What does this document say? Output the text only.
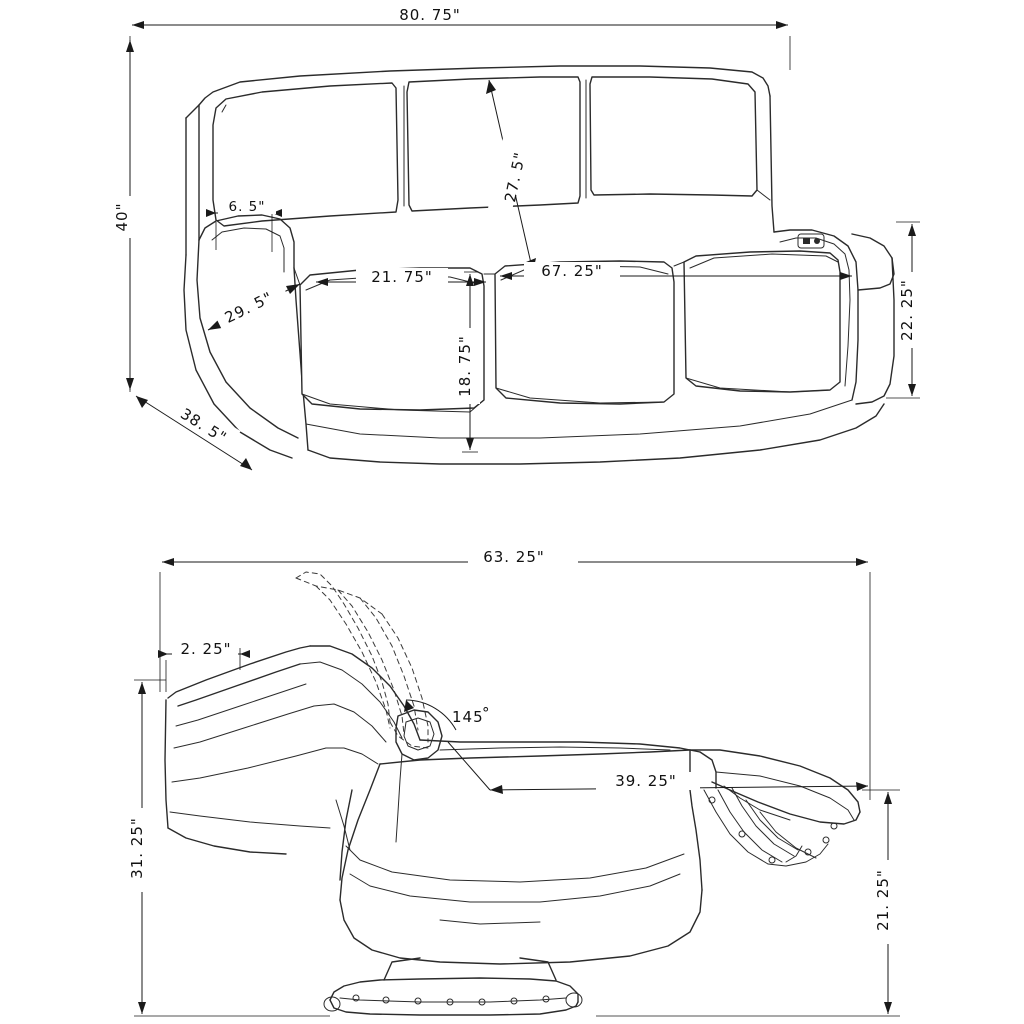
80. 75"
40"	6. 5"
27. 5"
29. 5"
21. 75"	67. 25"
18. 75"
22. 25"
38. 5"
63. 25"
2. 25"
145
°
31. 25"
39. 25"
21. 25"
